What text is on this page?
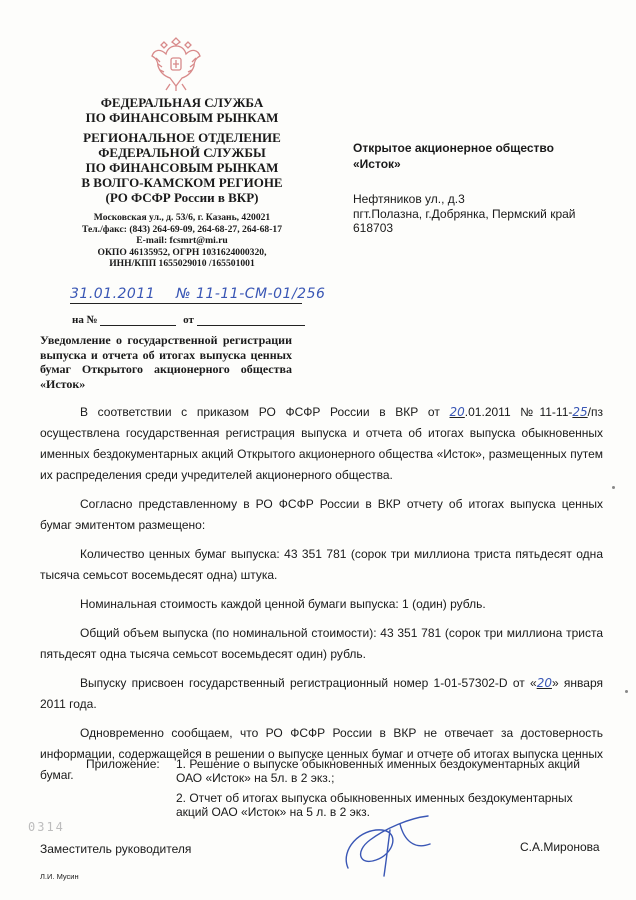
ФЕДЕРАЛЬНАЯ СЛУЖБА
ПО ФИНАНСОВЫМ РЫНКАМ
РЕГИОНАЛЬНОЕ ОТДЕЛЕНИЕ
ФЕДЕРАЛЬНОЙ СЛУЖБЫ
ПО ФИНАНСОВЫМ РЫНКАМ
В ВОЛГО-КАМСКОМ РЕГИОНЕ
(РО ФСФР России в ВКР)
Московская ул., д. 53/6, г. Казань, 420021
Тел./факс: (843) 264-69-09, 264-68-27, 264-68-17
E-mail: fcsmrt@mi.ru
ОКПО 46135952, ОГРН 1031624000320,
ИНН/КПП 1655029010 /165501001
31.01.2011 № 11-11-СМ-01/256
на №	от
Уведомление о государственной регистрации выпуска и отчета об итогах выпуска ценных бумаг Открытого акционерного общества «Исток»
Открытое акционерное общество
«Исток»
Нефтяников ул., д.3
пгт.Полазна, г.Добрянка, Пермский край
618703

В соответствии с приказом РО ФСФР России в ВКР от 20.01.2011 №11-11-25/пз осуществлена государственная регистрация выпуска и отчета об итогах выпуска обыкновенных именных бездокументарных акций Открытого акционерного общества «Исток», размещенных путем их распределения среди учредителей акционерного общества.

Согласно представленному в РО ФСФР России в ВКР отчету об итогах выпуска ценных бумаг эмитентом размещено:

Количество ценных бумаг выпуска: 43 351 781 (сорок три миллиона триста пятьдесят одна тысяча семьсот восемьдесят одна) штука.

Номинальная стоимость каждой ценной бумаги выпуска: 1 (один) рубль.

Общий объем выпуска (по номинальной стоимости): 43 351 781 (сорок три миллиона триста пятьдесят одна тысяча семьсот восемьдесят один) рубль.

Выпуску присвоен государственный регистрационный номер 1-01-57302-D от «20» января 2011 года.

Одновременно сообщаем, что РО ФСФР России в ВКР не отвечает за достоверность информации, содержащейся в решении о выпуске ценных бумаг и отчете об итогах выпуска ценных бумаг.

Приложение: 1. Решение о выпуске обыкновенных именных бездокументарных акций ОАО «Исток» на 5л. в 2 экз.;
2. Отчет об итогах выпуска обыкновенных именных бездокументарных акций ОАО «Исток» на 5 л. в 2 экз.
0314
Заместитель руководителя	С.А.Миронова
Л.И. Мусин
